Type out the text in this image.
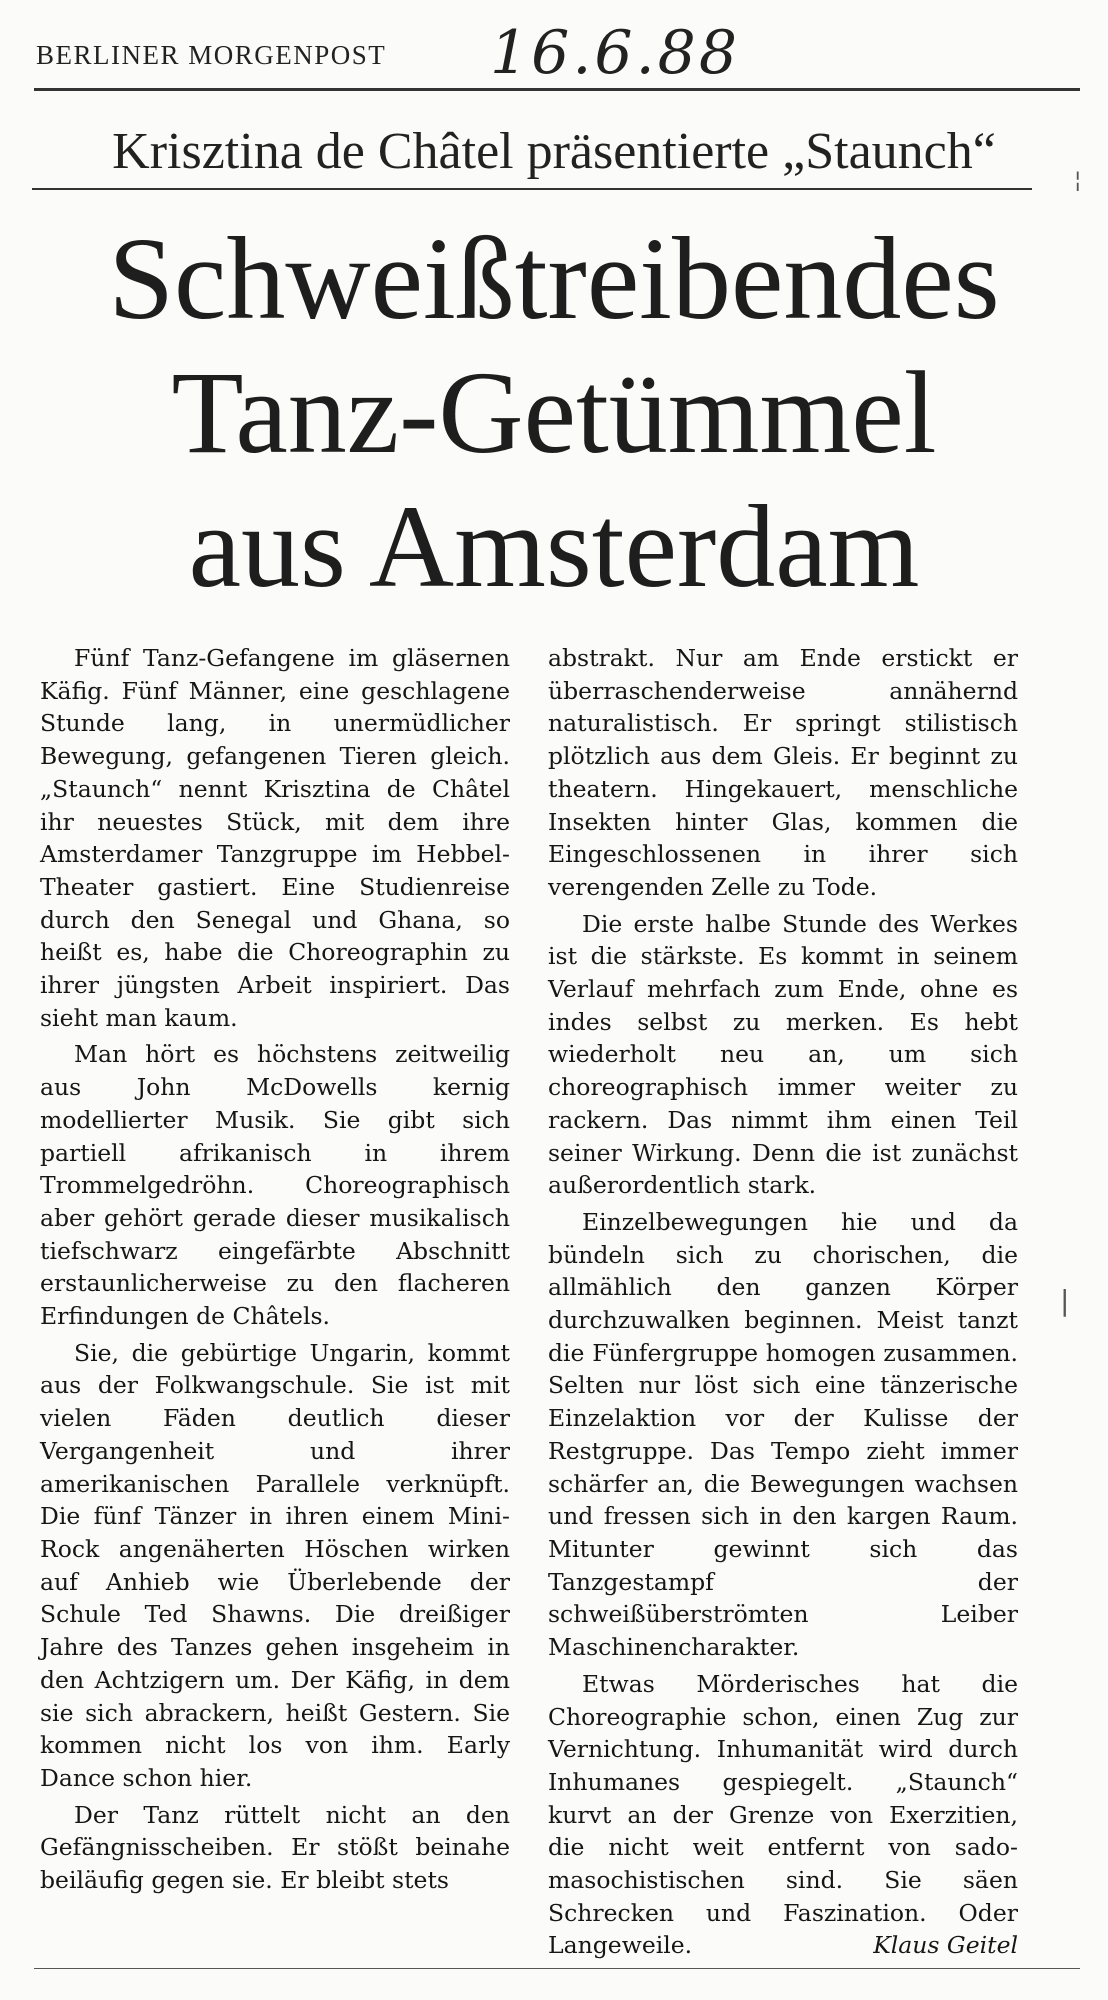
BERLINER MORGENPOST 16.6.88
Krisztina de Châtel präsentierte „Staunch“
Schweißtreibendes
Tanz-Getümmel
aus Amsterdam

Fünf Tanz-Gefangene im gläsernen Käfig. Fünf Männer, eine geschlagene Stunde lang, in unermüdlicher Bewegung, gefangenen Tieren gleich. „Staunch“ nennt Krisztina de Châtel ihr neuestes Stück, mit dem ihre Amsterdamer Tanzgruppe im Hebbel-Theater gastiert. Eine Studienreise durch den Senegal und Ghana, so heißt es, habe die Choreographin zu ihrer jüngsten Arbeit inspiriert. Das sieht man kaum.

Man hört es höchstens zeitweilig aus John McDowells kernig modellierter Musik. Sie gibt sich partiell afrikanisch in ihrem Trommelgedröhn. Choreographisch aber gehört gerade dieser musikalisch tiefschwarz eingefärbte Abschnitt erstaunlicherweise zu den flacheren Erfindungen de Châtels.

Sie, die gebürtige Ungarin, kommt aus der Folkwangschule. Sie ist mit vielen Fäden deutlich dieser Vergangenheit und ihrer amerikanischen Parallele verknüpft. Die fünf Tänzer in ihren einem Mini-Rock angenäherten Höschen wirken auf Anhieb wie Überlebende der Schule Ted Shawns. Die dreißiger Jahre des Tanzes gehen insgeheim in den Achtzigern um. Der Käfig, in dem sie sich abrackern, heißt Gestern. Sie kommen nicht los von ihm. Early Dance schon hier.

Der Tanz rüttelt nicht an den Gefängnisscheiben. Er stößt beinahe beiläufig gegen sie. Er bleibt stets

abstrakt. Nur am Ende erstickt er überraschenderweise annähernd naturalistisch. Er springt stilistisch plötzlich aus dem Gleis. Er beginnt zu theatern. Hingekauert, menschliche Insekten hinter Glas, kommen die Eingeschlossenen in ihrer sich verengenden Zelle zu Tode.

Die erste halbe Stunde des Werkes ist die stärkste. Es kommt in seinem Verlauf mehrfach zum Ende, ohne es indes selbst zu merken. Es hebt wiederholt neu an, um sich choreographisch immer weiter zu rackern. Das nimmt ihm einen Teil seiner Wirkung. Denn die ist zunächst außerordentlich stark.

Einzelbewegungen hie und da bündeln sich zu chorischen, die allmählich den ganzen Körper durchzuwalken beginnen. Meist tanzt die Fünfergruppe homogen zusammen. Selten nur löst sich eine tänzerische Einzelaktion vor der Kulisse der Restgruppe. Das Tempo zieht immer schärfer an, die Bewegungen wachsen und fressen sich in den kargen Raum. Mitunter gewinnt sich das Tanzgestampf der schweißüberströmten Leiber Maschinencharakter.

Etwas Mörderisches hat die Choreographie schon, einen Zug zur Vernichtung. Inhumanität wird durch Inhumanes gespiegelt. „Staunch“ kurvt an der Grenze von Exerzitien, die nicht weit entfernt von sado-masochistischen sind. Sie säen Schrecken und Faszination. Oder Langeweile.	Klaus Geitel

¦
|
